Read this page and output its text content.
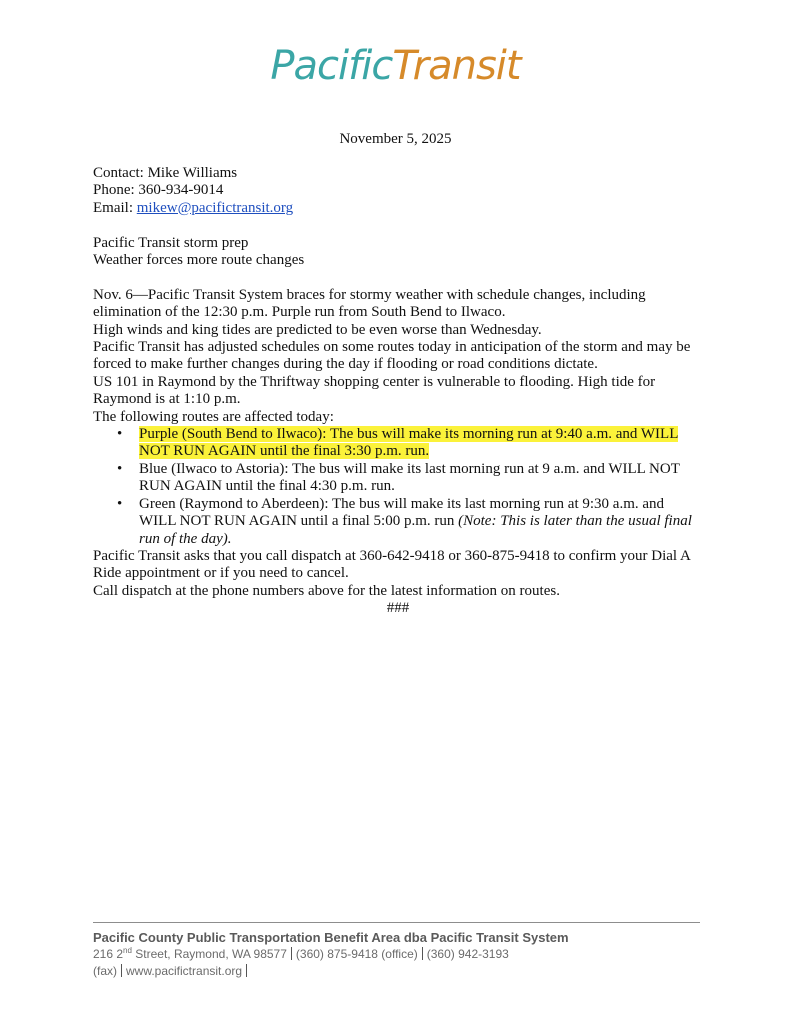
PacificTransit
November 5, 2025

Contact: Mike Williams

Phone: 360-934-9014

Email: mikew@pacifictransit.org

Pacific Transit storm prep

Weather forces more route changes

Nov. 6—Pacific Transit System braces for stormy weather with schedule changes, including elimination of the 12:30 p.m. Purple run from South Bend to Ilwaco.

High winds and king tides are predicted to be even worse than Wednesday.

Pacific Transit has adjusted schedules on some routes today in anticipation of the storm and may be forced to make further changes during the day if flooding or road conditions dictate.

US 101 in Raymond by the Thriftway shopping center is vulnerable to flooding. High tide for Raymond is at 1:10 p.m.

The following routes are affected today:

• Purple (South Bend to Ilwaco): The bus will make its morning run at 9:40 a.m. and WILL NOT RUN AGAIN until the final 3:30 p.m. run.
• Blue (Ilwaco to Astoria): The bus will make its last morning run at 9 a.m. and WILL NOT RUN AGAIN until the final 4:30 p.m. run.
• Green (Raymond to Aberdeen): The bus will make its last morning run at 9:30 a.m. and WILL NOT RUN AGAIN until a final 5:00 p.m. run (Note: This is later than the usual final run of the day).

Pacific Transit asks that you call dispatch at 360-642-9418 or 360-875-9418 to confirm your Dial A Ride appointment or if you need to cancel.

Call dispatch at the phone numbers above for the latest information on routes.

###

Pacific County Public Transportation Benefit Area dba Pacific Transit System
216 2nd Street, Raymond, WA 98577 (360) 875-9418 (office) (360) 942-3193
(fax) www.pacifictransit.org
